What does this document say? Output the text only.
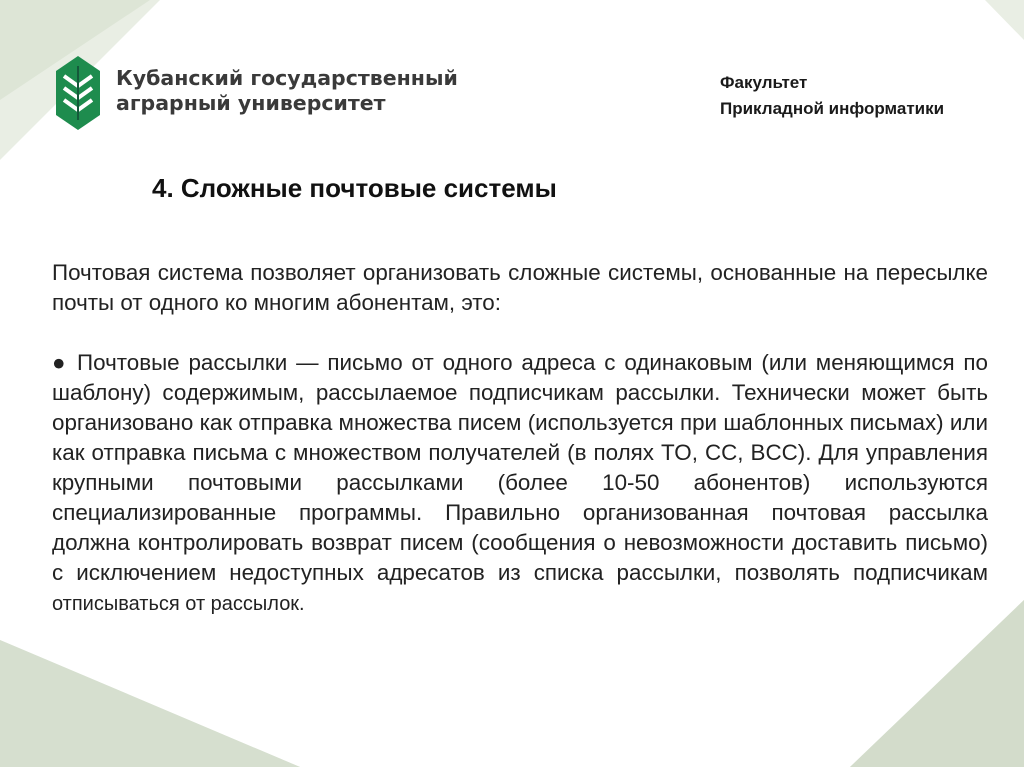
Кубанский государственный
аграрный университет
Факультет
Прикладной информатики
4. Сложные почтовые системы

Почтовая система позволяет организовать сложные системы, основанные на пересылке почты от одного ко многим абонентам, это:

● Почтовые рассылки — письмо от одного адреса с одинаковым (или меняющимся по шаблону) содержимым, рассылаемое подписчикам рассылки. Технически может быть организовано как отправка множества писем (используется при шаблонных письмах) или как отправка письма с множеством получателей (в полях TO, CC, BCC). Для управления крупными почтовыми рассылками (более 10-50 абонентов) используются специализированные программы. Правильно организованная почтовая рассылка должна контролировать возврат писем (сообщения о невозможности доставить письмо) с исключением недоступных адресатов из списка рассылки, позволять подписчикам отписываться от рассылок.
